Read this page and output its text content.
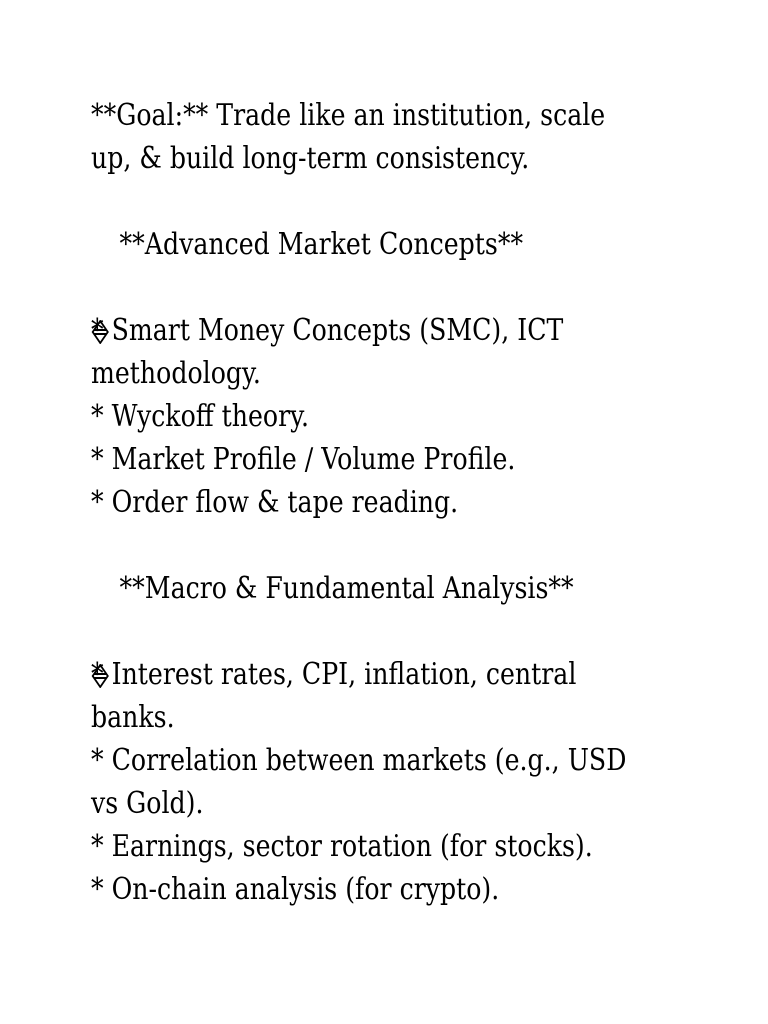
**Goal:** Trade like an institution, scale
up, & build long-term consistency.

**Advanced Market Concepts**
* Smart Money Concepts (SMC), ICT
methodology.
* Wyckoff theory.
* Market Profile / Volume Profile.
* Order flow & tape reading.

**Macro & Fundamental Analysis**
* Interest rates, CPI, inflation, central
banks.
* Correlation between markets (e.g., USD
vs Gold).
* Earnings, sector rotation (for stocks).
* On-chain analysis (for crypto).
